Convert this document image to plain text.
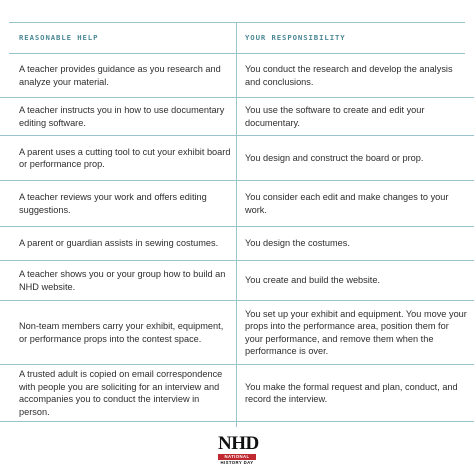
REASONABLE HELP	YOUR RESPONSIBILITY
A teacher provides guidance as you research and analyze your material.
You conduct the research and develop the analysis and conclusions.
A teacher instructs you in how to use documentary editing software.
You use the software to create and edit your documentary.
A parent uses a cutting tool to cut your exhibit board or performance prop.
You design and construct the board or prop.
A teacher reviews your work and offers editing suggestions.
You consider each edit and make changes to your work.
A parent or guardian assists in sewing costumes.	You design the costumes.
A teacher shows you or your group how to build an NHD website.
You create and build the website.
Non-team members carry your exhibit, equipment, or performance props into the contest space.
You set up your exhibit and equipment. You move your props into the performance area, position them for your performance, and remove them when the performance is over.
A trusted adult is copied on email correspondence with people you are soliciting for an interview and accompanies you to conduct the interview in person.
You make the formal request and plan, conduct, and record the interview.
NHD
NATIONAL
HISTORY DAY
